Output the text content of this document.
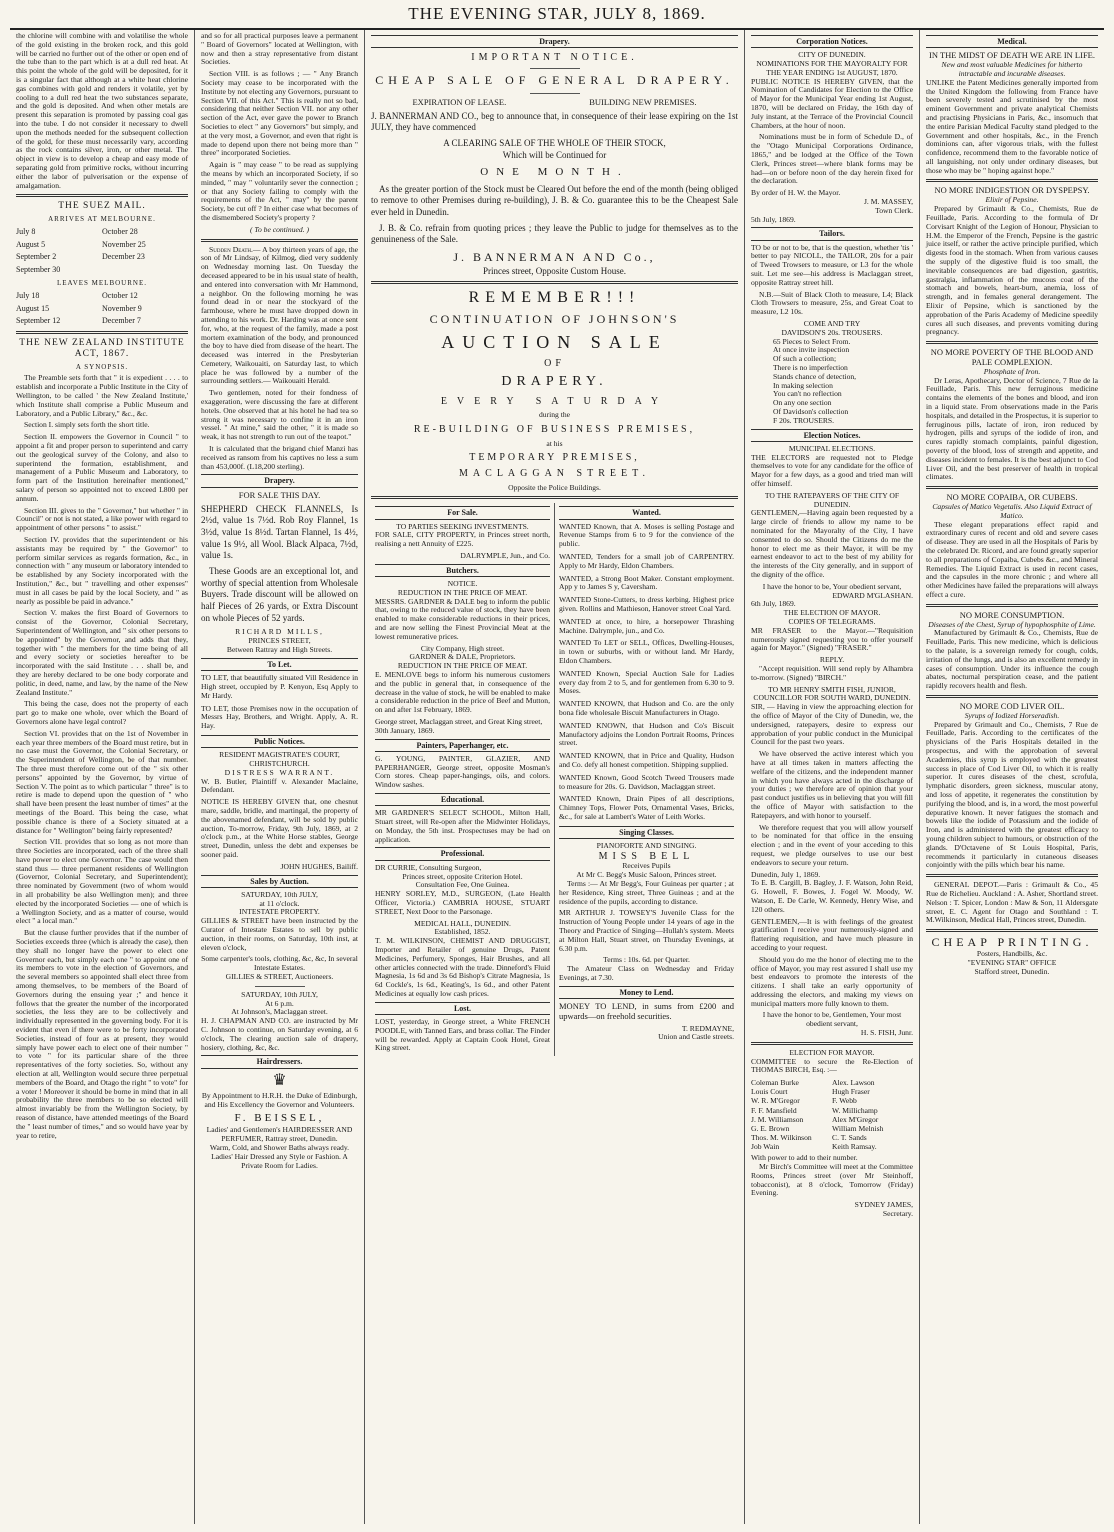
THE EVENING STAR, JULY 8, 1869.

the chlorine will combine with and volatilise the whole of the gold existing in the broken rock, and this gold will be carried no further out of the other or open end of the tube than to the part which is at a dull red heat. At this point the whole of the gold will be deposited, for it is a singular fact that although at a white heat chlorine gas combines with gold and renders it volatile, yet by cooling to a dull red heat the two substances separate, and the gold is deposited. And when other metals are present this separation is promoted by passing coal gas into the tube. I do not consider it necessary to dwell upon the methods needed for the subsequent collection of the gold, for these must necessarily vary, according as the rock contains silver, iron, or other metal. The object in view is to develop a cheap and easy mode of separating gold from primitive rocks, without incurring either the labor of pulverisation or the expense of amalgamation.

THE SUEZ MAIL.
ARRIVES AT MELBOURNE.
July 8	October 28
August 5	November 25
September 2	December 23
September 30
LEAVES MELBOURNE.
July 18	October 12
August 15	November 9
September 12	December 7
THE NEW ZEALAND INSTITUTE ACT, 1867.
A SYNOPSIS.

The Preamble sets forth that " it is expedient . . . . to establish and incorporate a Public Institute in the City of Wellington, to be called ' the New Zealand Institute,' which Institute shall comprise a Public Museum and Laboratory, and a Public Library," &c., &c.

Section I. simply sets forth the short title.

Section II. empowers the Governor in Council " to appoint a fit and proper person to superintend and carry out the geological survey of the Colony, and also to superintend the formation, establishment, and management of a Public Museum and Laboratory, to form part of the Institution hereinafter mentioned," salary of person so appointed not to exceed L800 per annum.

Section III. gives to the " Governor," but whether " in Council" or not is not stated, a like power with regard to appointment of other persons " to assist."

Section IV. provides that the superintendent or his assistants may be required by " the Governor" to perform similar services as regards formation, &c., in connection with " any museum or laboratory intended to be established by any Society incorporated with the Institution," &c., but " travelling and other expenses" must in all cases be paid by the local Society, and " as nearly as possible be paid in advance."

Section V. makes the first Board of Governors to consist of the Governor, Colonial Secretary, Superintendent of Wellington, and " six other persons to be appointed" by the Governor, and adds that they, together with " the members for the time being of all and every society or societies hereafter to be incorporated with the said Institute . . . shall be, and they are hereby declared to be one body corporate and politic, in deed, name, and law, by the name of the New Zealand Institute."

This being the case, does not the property of each part go to make one whole, over which the Board of Governors alone have legal control?

Section VI. provides that on the 1st of November in each year three members of the Board must retire, but in no case must the Governor, the Colonial Secretary, or the Superintendent of Wellington, be of that number. The three must therefore come out of the " six other persons" appointed by the Governor, by virtue of Section V. The point as to which particular " three" is to retire is made to depend upon the question of " who shall have been present the least number of times" at the meetings of the Board. This being the case, what possible chance is there of a Society situated at a distance for " Wellington" being fairly represented?

Section VII. provides that so long as not more than three Societies are incorporated, each of the three shall have power to elect one Governor. The case would then stand thus — three permanent residents of Wellington (Governor, Colonial Secretary, and Superintendent); three nominated by Government (two of whom would in all probability be also Wellington men); and three elected by the incorporated Societies — one of which is a Wellington Society, and as a matter of course, would elect " a local man."

But the clause further provides that if the number of Societies exceeds three (which is already the case), then they shall no longer have the power to elect one Governor each, but simply each one " to appoint one of its members to vote in the election of Governors, and the several members so appointed shall elect three from among themselves, to be members of the Board of Governors during the ensuing year ;" and hence it follows that the greater the number of the incorporated societies, the less they are to be collectively and individually represented in the governing body. For it is evident that even if there were to be forty incorporated Societies, instead of four as at present, they would simply have power each to elect one of their number " to vote " for its particular share of the three representatives of the forty societies. So, without any election at all, Wellington would secure three perpetual members of the Board, and Otago the right " to vote" for a voter ! Moreover it should be borne in mind that in all probability the three members to be so elected will almost invariably be from the Wellington Society, by reason of distance, have attended meetings of the Board the " least number of times," and so would have year by year to retire,

and so for all practical purposes leave a permanent " Board of Governors" located at Wellington, with now and then a stray representative from distant Societies.

Section VIII. is as follows ; — " Any Branch Society may cease to be incorporated with the Institute by not electing any Governors, pursuant to Section VII. of this Act." This is really not so bad, considering that neither Section VII. nor any other section of the Act, ever gave the power to Branch Societies to elect " any Governors" but simply, and at the very most, a Governor, and even that right is made to depend upon there not being more than " three" incorporated Societies.

Again is " may cease " to be read as supplying the means by which an incorporated Society, if so minded, " may " voluntarily sever the connection ; or that any Society failing to comply with the requirements of the Act, " may" by the parent Society, be cut off ? In either case what becomes of the dismembered Society's property ?

( To be continued. )

Sudden Death.— A boy thirteen years of age, the son of Mr Lindsay, of Kilmog, died very suddenly on Wednesday morning last. On Tuesday the deceased appeared to be in his usual state of health, and entered into conversation with Mr Hammond, a neighbor. On the following morning he was found dead in or near the stockyard of the farmhouse, where he must have dropped down in attending to his work. Dr. Harding was at once sent for, who, at the request of the family, made a post mortem examination of the body, and pronounced the boy to have died from disease of the heart. The deceased was interred in the Presbyterian Cemetery, Waikouaiti, on Saturday last, to which place he was followed by a number of the surrounding settlers.— Waikouaiti Herald.

Two gentlemen, noted for their fondness of exaggeration, were discussing the fare at different hotels. One observed that at his hotel he had tea so strong it was necessary to confine it in an iron vessel. " At mine," said the other, " it is made so weak, it has not strength to run out of the teapot."

It is calculated that the brigand chief Manzi has received as ransom from his captives no less a sum than 453,000f. (L18,200 sterling).

Drapery.
FOR SALE THIS DAY.

SHEPHERD CHECK FLANNELS, Is 2½d, value 1s 7½d. Rob Roy Flannel, 1s 3½d, value 1s 8½d. Tartan Flannel, 1s 4½, value 1s 9½, all Wool. Black Alpaca, 7½d, value 1s.

These Goods are an exceptional lot, and worthy of special attention from Wholesale Buyers. Trade discount will be allowed on half Pieces of 26 yards, or Extra Discount on whole Pieces of 52 yards.

RICHARD MILLS,
PRINCES STREET,
Between Rattray and High Streets.
To Let.

TO LET, that beautifully situated Vill Residence in High street, occupied by P. Kenyon, Esq Apply to Mr Hardy.

TO LET, those Premises now in the occupation of Messrs Hay, Brothers, and Wright. Apply, A. R. Hay.

Public Notices.
RESIDENT MAGISTRATE'S COURT, CHRISTCHURCH.
DISTRESS WARRANT.

W. B. Butler, Plaintiff v. Alexander Maclaine, Defendant.

NOTICE IS HEREBY GIVEN that, one chesnut mare, saddle, bridle, and martingal, the property of the abovenamed defendant, will be sold by public auction, To-morrow, Friday, 9th July, 1869, at 2 o'clock p.m., at the White Horse stables, George street, Dunedin, unless the debt and expenses be sooner paid.

JOHN HUGHES, Bailiff.
Sales by Auction.
SATURDAY, 10th JULY,
at 11 o'clock.
INTESTATE PROPERTY.

GILLIES & STREET have been instructed by the Curator of Intestate Estates to sell by public auction, in their rooms, on Saturday, 10th inst, at eleven o'clock,

Some carpenter's tools, clothing, &c, &c, In several Intestate Estates.
GILLIES & STREET, Auctioneers.
SATURDAY, 10th JULY,
At 6 p.m.
At Johnson's, Maclaggan street.

H. J. CHAPMAN AND CO. are instructed by Mr C. Johnson to continue, on Saturday evening, at 6 o'clock, The clearing auction sale of drapery, hosiery, clothing, &c, &c.

Hairdressers.
♛
By Appointment to H.R.H. the Duke of Edinburgh, and His Excellency the Governor and Volunteers.
F. BEISSEL,
Ladies' and Gentlemen's HAIRDRESSER AND PERFUMER, Rattray street, Dunedin.
Warm, Cold, and Shower Baths always ready.
Ladies' Hair Dressed any Style or Fashion. A Private Room for Ladies.
Drapery.
IMPORTANT NOTICE.
CHEAP SALE OF GENERAL DRAPERY.
EXPIRATION OF LEASE.	BUILDING NEW PREMISES.

J. BANNERMAN AND CO., beg to announce that, in consequence of their lease expiring on the 1st JULY, they have commenced

A CLEARING SALE OF THE WHOLE OF THEIR STOCK,
Which will be Continued for
ONE MONTH.

As the greater portion of the Stock must be Cleared Out before the end of the month (being obliged to remove to other Premises during re-building), J. B. & Co. guarantee this to be the Cheapest Sale ever held in Dunedin.

J. B. & Co. refrain from quoting prices ; they leave the Public to judge for themselves as to the genuineness of the Sale.

J. BANNERMAN AND Co.,
Princes street, Opposite Custom House.
REMEMBER!!!
CONTINUATION OF JOHNSON'S
AUCTION SALE
OF
DRAPERY.
EVERY SATURDAY
during the
RE-BUILDING OF BUSINESS PREMISES,
at his
TEMPORARY PREMISES,
MACLAGGAN STREET.
Opposite the Police Buildings.
For Sale.
TO PARTIES SEEKING INVESTMENTS.

FOR SALE, CITY PROPERTY, in Princes street north, realising a nett Annuity of £225.

DALRYMPLE, Jun., and Co.
Butchers.
NOTICE.
REDUCTION IN THE PRICE OF MEAT.

MESSRS. GARDNER & DALE beg to inform the public that, owing to the reduced value of stock, they have been enabled to make considerable reductions in their prices, and are now selling the Finest Provincial Meat at the lowest remunerative prices.

City Company, High street.
GARDNER & DALE, Proprietors.
REDUCTION IN THE PRICE OF MEAT.

E. MENLOVE begs to inform his numerous customers and the public in general that, in consequence of the decrease in the value of stock, he will be enabled to make a considerable reduction in the price of Beef and Mutton, on and after 1st February, 1869.

George street, Maclaggan street, and Great King street,
30th January, 1869.
Painters, Paperhanger, etc.

G. YOUNG, PAINTER, GLAZIER, AND PAPERHANGER, George street, opposite Mosman's Corn stores. Cheap paper-hangings, oils, and colors. Window sashes.

Educational.

MR GARDNER'S SELECT SCHOOL, Milton Hall, Stuart street, will Re-open after the Midwinter Holidays, on Monday, the 5th inst. Prospectuses may be had on application.

Professional.
DR CURRIE, Consulting Surgeon,
Princes street, opposite Criterion Hotel.
Consultation Fee, One Guinea.

HENRY SORLEY, M.D., SURGEON, (Late Health Officer, Victoria.) CAMBRIA HOUSE, STUART STREET, Next Door to the Parsonage.

MEDICAL HALL, DUNEDIN.
Established, 1852.

T. M. WILKINSON, CHEMIST AND DRUGGIST, Importer and Retailer of genuine Drugs, Patent Medicines, Perfumery, Sponges, Hair Brushes, and all other articles connected with the trade. Dinneford's Fluid Magnesia, 1s 6d and 3s 6d Bishop's Citrate Magnesia, 1s 6d Cockle's, 1s 6d., Keating's, 1s 6d., and other Patent Medicines at equally low cash prices.

Lost.

LOST, yesterday, in George street, a White FRENCH POODLE, with Tanned Ears, and brass collar. The Finder will be rewarded. Apply at Captain Cook Hotel, Great King street.

Wanted.

WANTED Known, that A. Moses is selling Postage and Revenue Stamps from 6 to 9 for the convience of the public.

WANTED, Tenders for a small job of CARPENTRY. Apply to Mr Hardy, Eldon Chambers.

WANTED, a Strong Boot Maker. Constant employment. App y to James S y, Caversham.

WANTED Stone-Cutters, to dress kerbing. Highest price given. Rollins and Mathieson, Hanover street Coal Yard.

WANTED at once, to hire, a horsepower Thrashing Machine. Dalrymple, jun., and Co.

WANTED To LET or SELL, Offices, Dwelling-Houses, in town or suburbs, with or without land. Mr Hardy, Eldon Chambers.

WANTED Known, Special Auction Sale for Ladies every day from 2 to 5, and for gentlemen from 6.30 to 9. Moses.

WANTED KNOWN, that Hudson and Co. are the only bona fide wholesale Biscuit Manufacturers in Otago.

WANTED KNOWN, that Hudson and Co's Biscuit Manufactory adjoins the London Portrait Rooms, Princes street.

WANTED KNOWN, that in Price and Quality, Hudson and Co. defy all honest competition. Shipping supplied.

WANTED Known, Good Scotch Tweed Trousers made to measure for 20s. G. Davidson, Maclaggan street.

WANTED Known, Drain Pipes of all descriptions, Chimney Tops, Flower Pots, Ornamental Vases, Bricks, &c., for sale at Lambert's Water of Leith Works.

Singing Classes.
PIANOFORTE AND SINGING.
MISS BELL
Receives Pupils
At Mr C. Begg's Music Saloon, Princes street.

Terms :— At Mr Begg's, Four Guineas per quarter ; at her Residence, King street, Three Guineas ; and at the residence of the pupils, according to distance.

MR ARTHUR J. TOWSEY'S Juvenile Class for the Instruction of Young People under 14 years of age in the Theory and Practice of Singing—Hullah's system. Meets at Milton Hall, Stuart street, on Thursday Evenings, at 6.30 p.m.

Terms : 10s. 6d. per Quarter.

The Amateur Class on Wednesday and Friday Evenings, at 7.30.

Money to Lend.

MONEY TO LEND, in sums from £200 and upwards—on freehold securities.

T. REDMAYNE,
Union and Castle streets.
Corporation Notices.
CITY OF DUNEDIN.
NOMINATIONS FOR THE MAYORALTY FOR THE YEAR ENDING 1st AUGUST, 1870.

PUBLIC NOTICE IS HEREBY GIVEN, that the Nomination of Candidates for Election to the Office of Mayor for the Municipal Year ending 1st August, 1870, will be declared on Friday, the 16th day of July instant, at the Terrace of the Provincial Council Chambers, at the hour of noon.

Nominations must be in form of Schedule D., of the "Otago Municipal Corporations Ordinance, 1865," and be lodged at the Office of the Town Clerk, Princes street—where blank forms may be had—on or before noon of the day herein fixed for the declaration.

By order of H. W. the Mayor.
J. M. MASSEY,
Town Clerk.
5th July, 1869.
Tailors.

TO be or not to be, that is the question, whether 'tis ' better to pay NICOLL, the TAILOR, 20s for a pair of Tweed Trowsers to measure, or L3 for the whole suit. Let me see—his address is Maclaggan street, opposite Rattray street hill.

N.B.—Suit of Black Cloth to measure, L4; Black Cloth Trowsers to measure, 25s, and Great Coat to measure, L2 10s.

COME AND TRY
DAVIDSON'S 20s. TROUSERS.
65 Pieces to Select From.
At once invite inspection
Of such a collection;
There is no imperfection
Stands chance of detection,
In making selection
You can't no reflection
On any one section
Of Davidson's collection
F 20s. TROUSERS.
Election Notices.
MUNICIPAL ELECTIONS.

THE ELECTORS are requested not to Pledge themselves to vote for any candidate for the office of Mayor for a few days, as a good and tried man will offer himself.

TO THE RATEPAYERS OF THE CITY OF DUNEDIN.

GENTLEMEN,—Having again been requested by a large circle of friends to allow my name to be nominated for the Mayoralty of the City, I have consented to do so. Should the Citizens do me the honor to elect me as their Mayor, it will be my earnest endeavor to act to the best of my ability for the interests of the City generally, and in support of the dignity of the office.

I have the honor to be, Your obedient servant,
EDWARD M'GLASHAN.
6th July, 1869.
THE ELECTION OF MAYOR.
COPIES OF TELEGRAMS.

MR FRASER to the Mayor.—"Requisition numerously signed requesting you to offer yourself again for Mayor." (Signed) "FRASER."

REPLY.

"Accept requisition. Will send reply by Alhambra to-morrow. (Signed) "BIRCH."

TO MR HENRY SMITH FISH, JUNIOR, COUNCILLOR FOR SOUTH WARD, DUNEDIN.

SIR, — Having in view the approaching election for the office of Mayor of the City of Dunedin, we, the undersigned, ratepayers, desire to express our approbation of your public conduct in the Municipal Council for the past two years.

We have observed the active interest which you have at all times taken in matters affecting the welfare of the citizens, and the independent manner in which you have always acted in the discharge of your duties ; we therefore are of opinion that your past conduct justifies us in believing that you will fill the office of Mayor with satisfaction to the Ratepayers, and with honor to yourself.

We therefore request that you will allow yourself to be nominated for that office in the ensuing election ; and in the event of your acceding to this request, we pledge ourselves to use our best endeavors to secure your return.

Dunedin, July 1, 1869.

To E. B. Cargill, B. Bagley, J. F. Watson, John Reid, G. Howell, F. Bowes, J. Fogel W. Moody, W. Watson, E. De Carle, W. Kennedy, Henry Wise, and 120 others.

GENTLEMEN,—It is with feelings of the greatest gratification I receive your numerously-signed and flattering requisition, and have much pleasure in acceding to your request.

Should you do me the honor of electing me to the office of Mayor, you may rest assured I shall use my best endeavors to promote the interests of the citizens. I shall take an early opportunity of addressing the electors, and making my views on municipal matters more fully known to them.

I have the honor to be, Gentlemen, Your most obedient servant,
H. S. FISH, Junr.
ELECTION FOR MAYOR.

COMMITTEE to secure the Re-Election of THOMAS BIRCH, Esq. :—

Coleman Burke	Alex. Lawson
Louis Court	Hugh Fraser
W. R. M'Gregor	F. Webb
F. F. Mansfield	W. Millichamp
J. M. Williamson	Alex M'Gregor
G. E. Brown	William Melnish
Thos. M. Wilkinson	C. T. Sands
Job Wain	Keith Ramsay.
With power to add to their number.

Mr Birch's Committee will meet at the Committee Rooms, Princes street (over Mr Steinhoff, tobacconist), at 8 o'clock, Tomorrow (Friday) Evening.

SYDNEY JAMES,
Secretary.
Medical.
IN THE MIDST OF DEATH WE ARE IN LIFE.
New and most valuable Medicines for hitherto intractable and incurable diseases.

UNLIKE the Patent Medicines generally imported from the United Kingdom the following from France have been severely tested and scrutinised by the most eminent Government and private analytical Chemists and practising Physicians in Paris, &c., insomuch that the entire Parisian Medical Faculty stand pledged to the Government and other hospitals, &c., in the French dominions can, after vigorous trials, with the fullest confidence, recommend them to the favorable notice of all languishing, not only under ordinary diseases, but those who may be " hoping against hope."

NO MORE INDIGESTION OR DYSPEPSY.
Elixir of Pepsine.

Prepared by Grimault & Co., Chemists, Rue de Feuillade, Paris. According to the formula of Dr Corvisart Knight of the Legion of Honour, Physician to H.M. the Emperor of the French, Pepsine is the gastric juice itself, or rather the active principle purified, which digests food in the stomach. When from various causes the supply of the digestive fluid is too small, the inevitable consequences are bad digestion, gastritis, gastralgia, inflammation of the mucous coat of the stomach and bowels, heart-burn, anemia, loss of strength, and in females general derangement. The Elixir of Pepsine, which is sanctioned by the approbation of the Paris Academy of Medicine speedily cures all such diseases, and prevents vomiting during pregnancy.

NO MORE POVERTY OF THE BLOOD AND PALE COMPLEXION.
Phosphate of Iron.

Dr Leras, Apothecary, Doctor of Science, 7 Rue de la Feuillade, Paris. This new ferruginous medicine contains the elements of the bones and blood, and iron in a liquid state. From observations made in the Paris hospitals, and detailed in the Prospectus, it is superior to ferruginous pills, lactate of iron, iron reduced by hydrogen, pills and syrups of the iodide of iron, and cures rapidly stomach complaints, painful digestion, poverty of the blood, loss of strength and appetite, and diseases incident to females. It is the best adjunct to Cod Liver Oil, and the best preserver of health in tropical climates.

NO MORE COPAIBA, OR CUBEBS.
Capsules of Matico Vegetalis. Also Liquid Extract of Matico.

These elegant preparations effect rapid and extraordinary cures of recent and old and severe cases of disease. They are used in all the Hospitals of Paris by the celebrated Dr. Ricord, and are found greatly superior to all preparations of Copaiba, Cubebs &c., and Mineral Remedies. The Liquid Extract is used in recent cases, and the capsules in the more chronic ; and where all other Medicines have failed the preparations will always effect a cure.

NO MORE CONSUMPTION.
Diseases of the Chest, Syrup of hypophosphite of Lime.

Manufactured by Grimault & Co., Chemists, Rue de Feuillade, Paris. This new medicine, which is delicious to the palate, is a sovereign remedy for cough, colds, irritation of the lungs, and is also an excellent remedy in cases of consumption. Under its influence the cough abates, nocturnal perspiration cease, and the patient rapidly recovers health and flesh.

NO MORE COD LIVER OIL.
Syrups of Iodized Horseradish.

Prepared by Grimault and Co., Chemists, 7 Rue de Feuillade, Paris. According to the certificates of the physicians of the Paris Hospitals detailed in the prospectus, and with the approbation of several Academies, this syrup is employed with the greatest success in place of Cod Liver Oil, to which it is really superior. It cures diseases of the chest, scrofula, lymphatic disorders, green sickness, muscular atony, and loss of appetite, it regenerates the constitution by purifying the blood, and is, in a word, the most powerful depurative known. It never fatigues the stomach and bowels like the iodide of Potassium and the iodide of Iron, and is administered with the greatest efficacy to young children subject to humours, or obstruction of the glands. D'Octavene of St Louis Hospital, Paris, recommends it particularly in cutaneous diseases conjointly with the pills which bear his name.

GENERAL DEPOT.—Paris : Grimault & Co., 45 Rue de Richelieu. Auckland : A. Asher, Shortland street. Nelson : T. Spicer, London : Maw & Son, 11 Aldersgate street, E. C. Agent for Otago and Southland : T. M.Wilkinson, Medical Hall, Princes street, Dunedin.

CHEAP PRINTING.
Posters, Handbills, &c.
"EVENING STAR" OFFICE
Stafford street, Dunedin.
